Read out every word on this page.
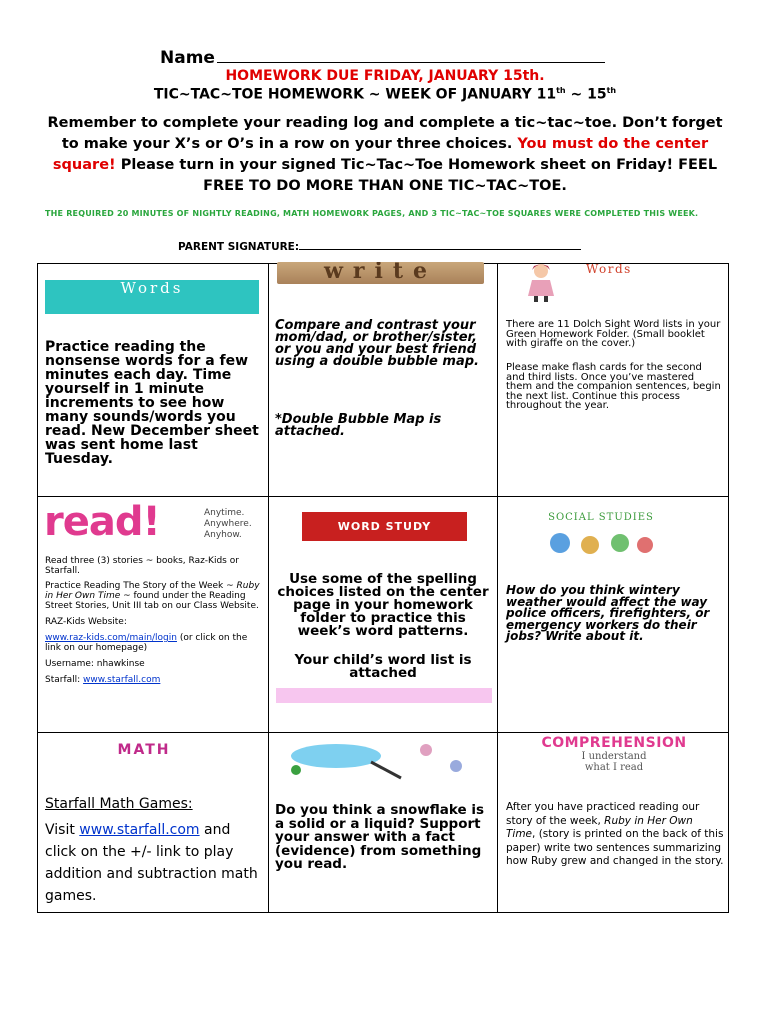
Name
HOMEWORK DUE FRIDAY, JANUARY 15th.
TIC~TAC~TOE HOMEWORK ~ WEEK OF JANUARY 11th ~ 15th
Remember to complete your reading log and complete a tic~tac~toe. Don’t forget to make your X’s or O’s in a row on your three choices. You must do the center square! Please turn in your signed Tic~Tac~Toe Homework sheet on Friday! FEEL FREE TO DO MORE THAN ONE TIC~TAC~TOE.
THE REQUIRED 20 MINUTES OF NIGHTLY READING, MATH HOMEWORK PAGES, AND 3 TIC~TAC~TOE SQUARES WERE COMPLETED THIS WEEK.
PARENT SIGNATURE:
Words
Practice reading the nonsense words for a few minutes each day. Time yourself in 1 minute increments to see how many sounds/words you read. New December sheet was sent home last Tuesday.
write
Compare and contrast your mom/dad, or brother/sister, or you and your best friend using a double bubble map.
*Double Bubble Map is attached.
Words
There are 11 Dolch Sight Word lists in your Green Homework Folder. (Small booklet with giraffe on the cover.)
Please make flash cards for the second and third lists. Once you’ve mastered them and the companion sentences, begin the next list. Continue this process throughout the year.
read!	Anytime.
Anywhere.
Anyhow.

Read three (3) stories ~ books, Raz-Kids or Starfall.

Practice Reading The Story of the Week ~ Ruby in Her Own Time ~ found under the Reading Street Stories, Unit III tab on our Class Website.

RAZ-Kids Website:

www.raz-kids.com/main/login (or click on the link on our homepage)

Username: nhawkinse

Starfall: www.starfall.com

WORD STUDY
Use some of the spelling choices listed on the center page in your homework folder to practice this week’s word patterns.
Your child’s word list is attached
SOCIAL STUDIES
How do you think wintery weather would affect the way police officers, firefighters, or emergency workers do their jobs? Write about it.
MATH

Starfall Math Games:

Visit www.starfall.com and click on the +/- link to play addition and subtraction math games.

Do you think a snowflake is a solid or a liquid? Support your answer with a fact (evidence) from something you read.
COMPREHENSION
I understand
what I read
After you have practiced reading our story of the week, Ruby in Her Own Time, (story is printed on the back of this paper) write two sentences summarizing how Ruby grew and changed in the story.
